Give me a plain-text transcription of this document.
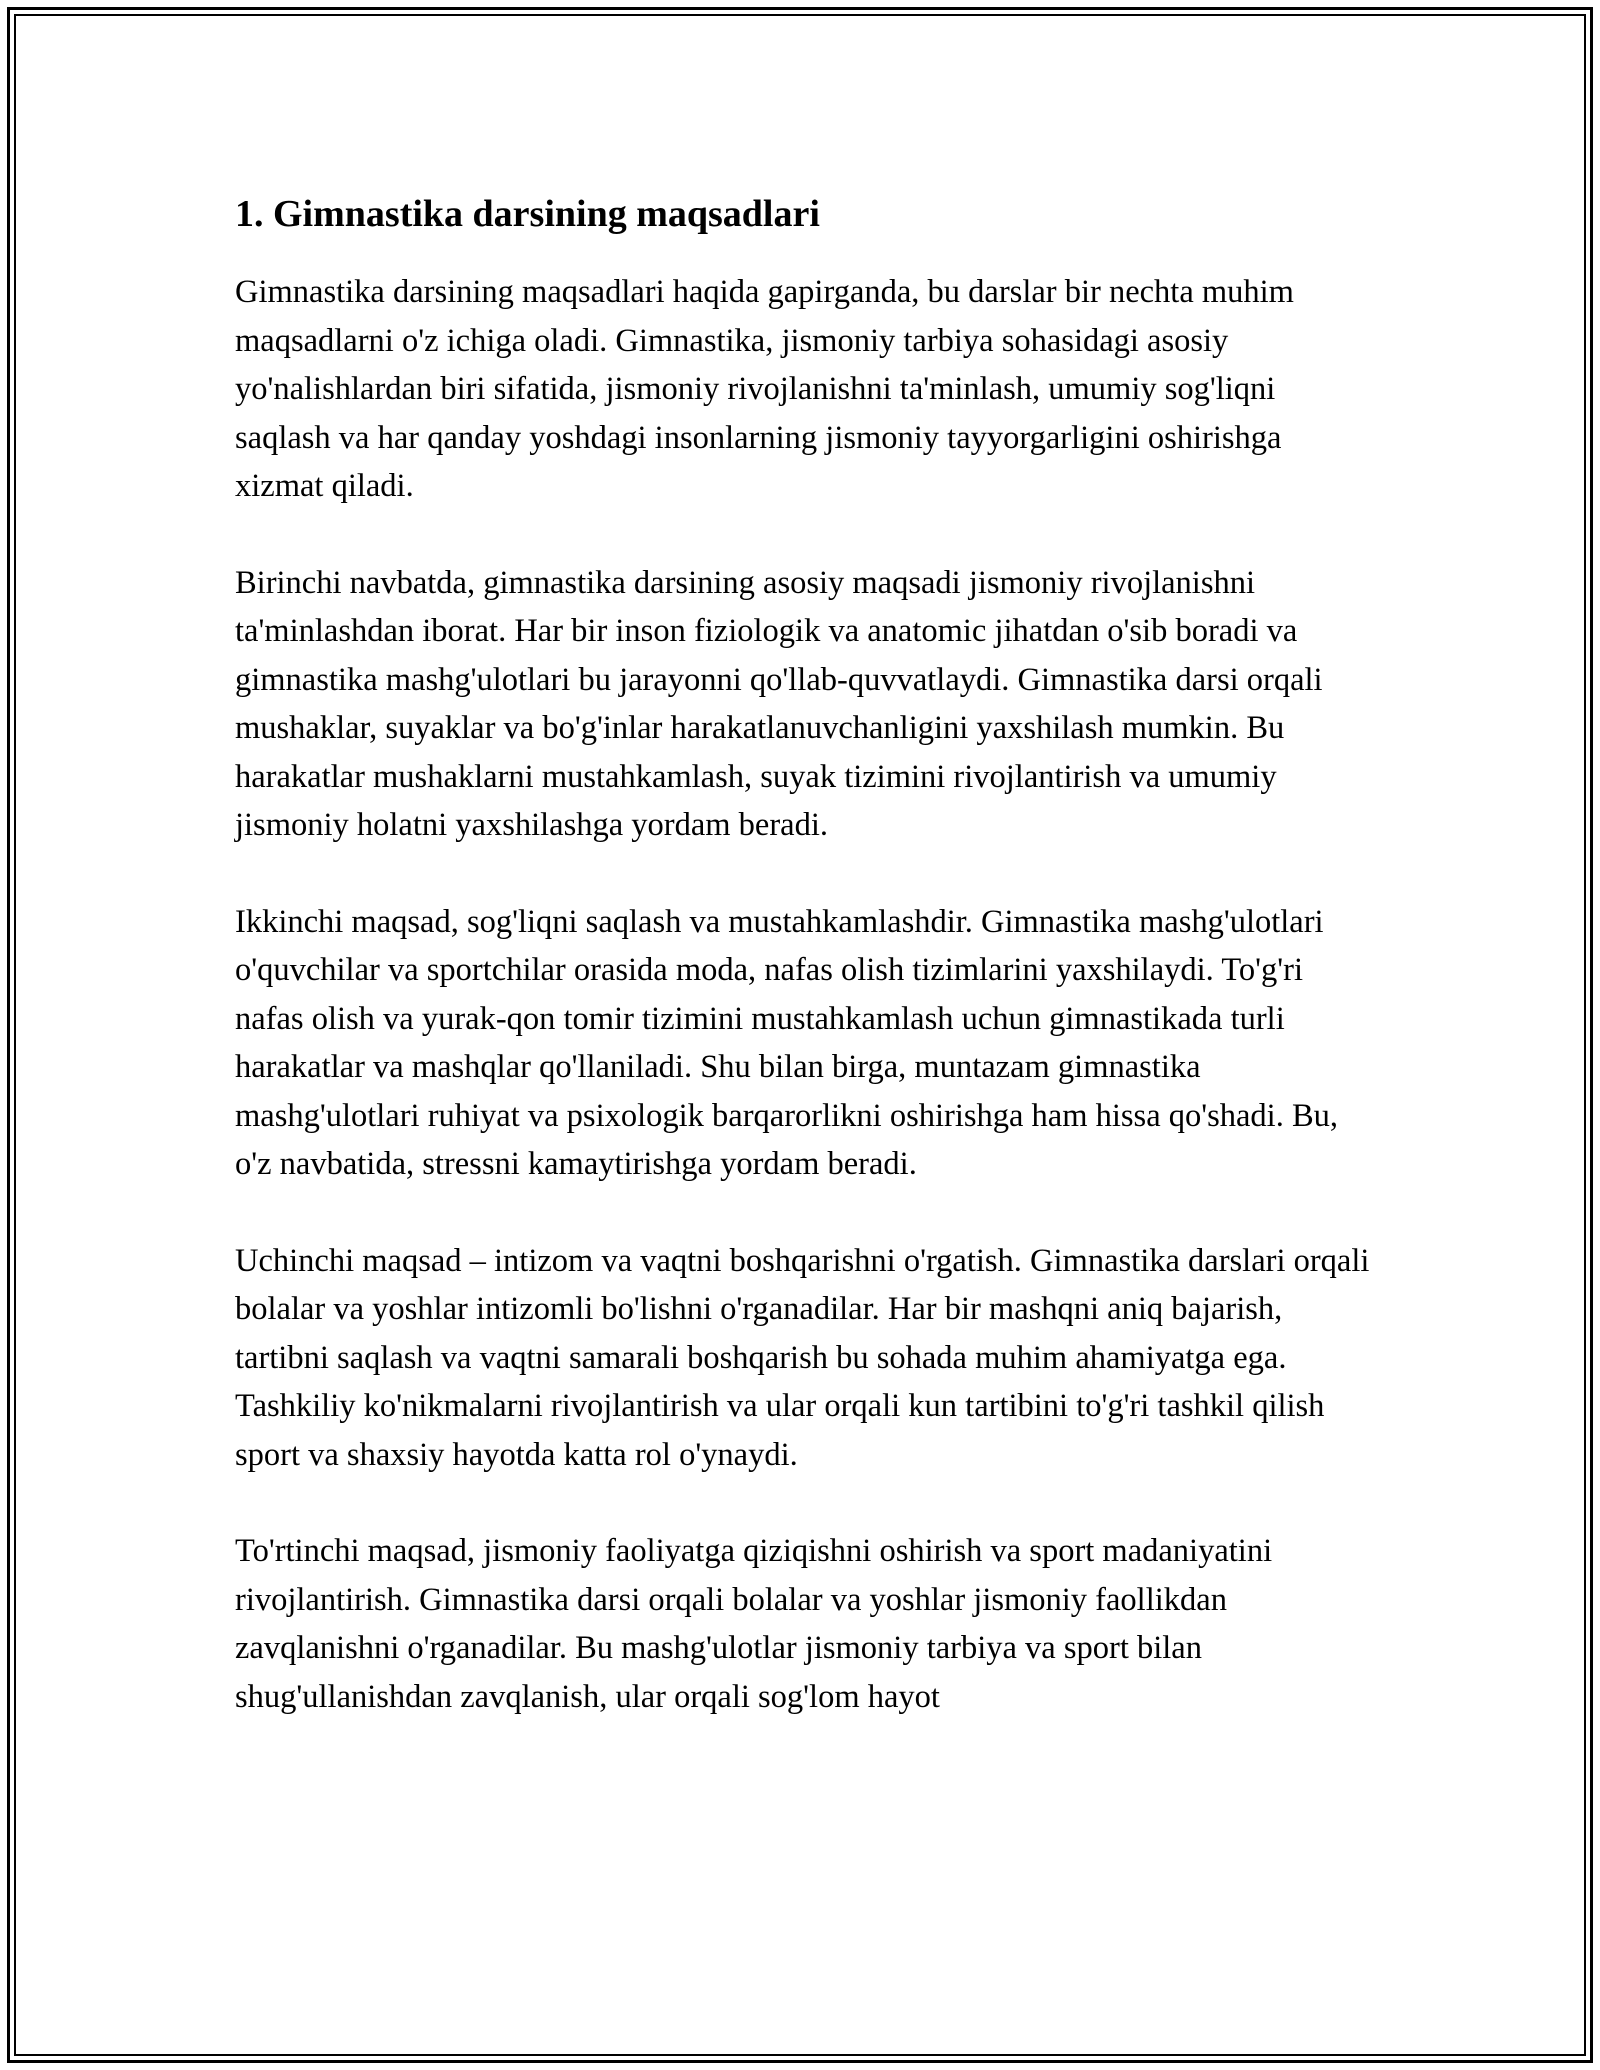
1. Gimnastika darsining maqsadlari

Gimnastika darsining maqsadlari haqida gapirganda, bu darslar bir nechta muhim maqsadlarni o'z ichiga oladi. Gimnastika, jismoniy tarbiya sohasidagi asosiy yo'nalishlardan biri sifatida, jismoniy rivojlanishni ta'minlash, umumiy sog'liqni saqlash va har qanday yoshdagi insonlarning jismoniy tayyorgarligini oshirishga xizmat qiladi.

Birinchi navbatda, gimnastika darsining asosiy maqsadi jismoniy rivojlanishni ta'minlashdan iborat. Har bir inson fiziologik va anatomic jihatdan o'sib boradi va gimnastika mashg'ulotlari bu jarayonni qo'llab-quvvatlaydi. Gimnastika darsi orqali mushaklar, suyaklar va bo'g'inlar harakatlanuvchanligini yaxshilash mumkin. Bu harakatlar mushaklarni mustahkamlash, suyak tizimini rivojlantirish va umumiy jismoniy holatni yaxshilashga yordam beradi.

Ikkinchi maqsad, sog'liqni saqlash va mustahkamlashdir. Gimnastika mashg'ulotlari o'quvchilar va sportchilar orasida moda, nafas olish tizimlarini yaxshilaydi. To'g'ri nafas olish va yurak-qon tomir tizimini mustahkamlash uchun gimnastikada turli harakatlar va mashqlar qo'llaniladi. Shu bilan birga, muntazam gimnastika mashg'ulotlari ruhiyat va psixologik barqarorlikni oshirishga ham hissa qo'shadi. Bu, o'z navbatida, stressni kamaytirishga yordam beradi.

Uchinchi maqsad – intizom va vaqtni boshqarishni o'rgatish. Gimnastika darslari orqali bolalar va yoshlar intizomli bo'lishni o'rganadilar. Har bir mashqni aniq bajarish, tartibni saqlash va vaqtni samarali boshqarish bu sohada muhim ahamiyatga ega. Tashkiliy ko'nikmalarni rivojlantirish va ular orqali kun tartibini to'g'ri tashkil qilish sport va shaxsiy hayotda katta rol o'ynaydi.

To'rtinchi maqsad, jismoniy faoliyatga qiziqishni oshirish va sport madaniyatini rivojlantirish. Gimnastika darsi orqali bolalar va yoshlar jismoniy faollikdan zavqlanishni o'rganadilar. Bu mashg'ulotlar jismoniy tarbiya va sport bilan shug'ullanishdan zavqlanish, ular orqali sog'lom hayot
